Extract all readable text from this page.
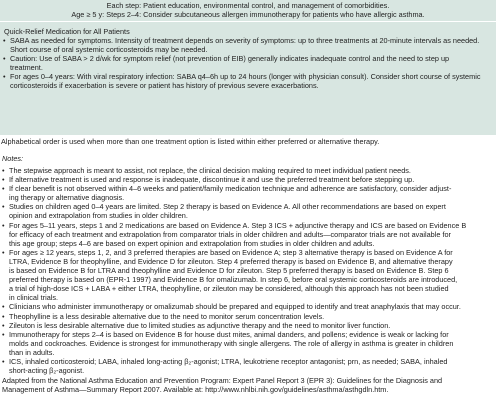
Each step: Patient education, environmental control, and management of comorbidities.
Age ≥ 5 y: Steps 2–4: Consider subcutaneous allergen immunotherapy for patients who have allergic asthma.
Quick-Relief Medication for All Patients
• SABA as needed for symptoms. Intensity of treatment depends on severity of symptoms: up to three treatments at 20-minute intervals as needed.
Short course of oral systemic corticosteroids may be needed.
• Caution: Use of SABA > 2 d/wk for symptom relief (not prevention of EIB) generally indicates inadequate control and the need to step up
treatment.
• For ages 0–4 years: With viral respiratory infection: SABA q4–6h up to 24 hours (longer with physician consult). Consider short course of systemic
corticosteroids if exacerbation is severe or patient has history of previous severe exacerbations.
Alphabetical order is used when more than one treatment option is listed within either preferred or alternative therapy.
Notes:
• The stepwise approach is meant to assist, not replace, the clinical decision making required to meet individual patient needs.
• If alternative treatment is used and response is inadequate, discontinue it and use the preferred treatment before stepping up.
• If clear benefit is not observed within 4–6 weeks and patient/family medication technique and adherence are satisfactory, consider adjust-
ing therapy or alternative diagnosis.
• Studies on children aged 0–4 years are limited. Step 2 therapy is based on Evidence A. All other recommendations are based on expert
opinion and extrapolation from studies in older children.
• For ages 5–11 years, steps 1 and 2 medications are based on Evidence A. Step 3 ICS + adjunctive therapy and ICS are based on Evidence B
for efficacy of each treatment and extrapolation from comparator trials in older children and adults—comparator trials are not available for
this age group; steps 4–6 are based on expert opinion and extrapolation from studies in older children and adults.
• For ages ≥ 12 years, steps 1, 2, and 3 preferred therapies are based on Evidence A; step 3 alternative therapy is based on Evidence A for
LTRA, Evidence B for theophylline, and Evidence D for zileuton. Step 4 preferred therapy is based on Evidence B, and alternative therapy
is based on Evidence B for LTRA and theophylline and Evidence D for zileuton. Step 5 preferred therapy is based on Evidence B. Step 6
preferred therapy is based on (EPR-1 1997) and Evidence B for omalizumab. In step 6, before oral systemic corticosteroids are introduced,
a trial of high-dose ICS + LABA + either LTRA, theophylline, or zileuton may be considered, although this approach has not been studied
in clinical trials.
• Clinicians who administer immunotherapy or omalizumab should be prepared and equipped to identify and treat anaphylaxis that may occur.
• Theophylline is a less desirable alternative due to the need to monitor serum concentration levels.
• Zileuton is less desirable alternative due to limited studies as adjunctive therapy and the need to monitor liver function.
• Immunotherapy for steps 2–4 is based on Evidence B for house dust mites, animal danders, and pollens; evidence is weak or lacking for
molds and cockroaches. Evidence is strongest for immunotherapy with single allergens. The role of allergy in asthma is greater in children
than in adults.
• ICS, inhaled corticosteroid; LABA, inhaled long-acting β₂-agonist; LTRA, leukotriene receptor antagonist; prn, as needed; SABA, inhaled
short-acting β₂-agonist.
Adapted from the National Asthma Education and Prevention Program: Expert Panel Report 3 (EPR 3): Guidelines for the Diagnosis and
Management of Asthma—Summary Report 2007. Available at: http://www.nhlbi.nih.gov/guidelines/asthma/asthgdln.htm.
